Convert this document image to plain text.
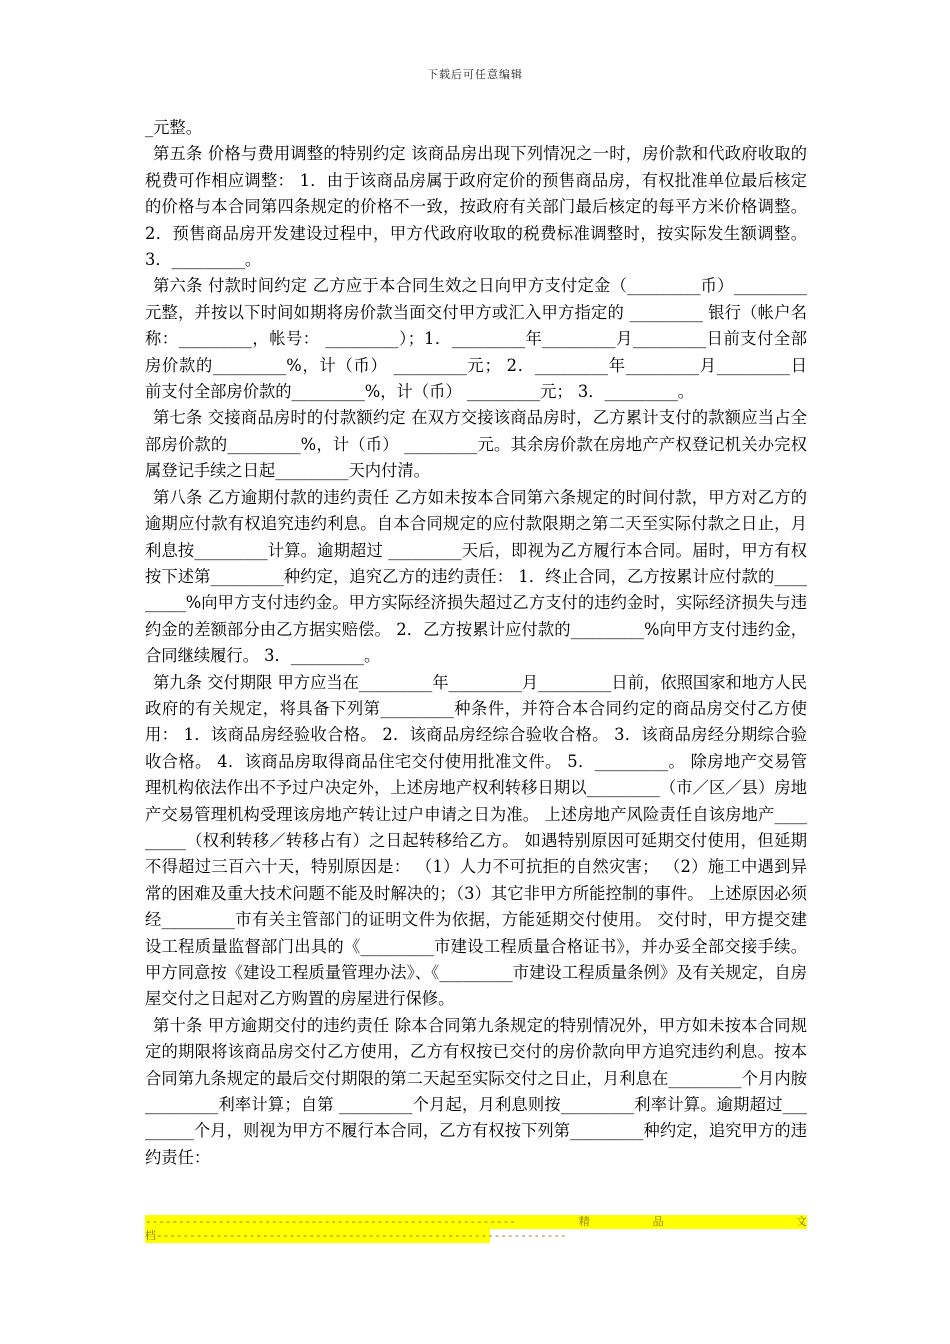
下载后可任意编辑

_元整。

第五条 价格与费用调整的特别约定 该商品房出现下列情况之一时，房价款和代政府收取的税费可作相应调整： 1．由于该商品房属于政府定价的预售商品房，有权批准单位最后核定的价格与本合同第四条规定的价格不一致，按政府有关部门最后核定的每平方米价格调整。 2．预售商品房开发建设过程中，甲方代政府收取的税费标准调整时，按实际发生额调整。 3．_________。

第六条 付款时间约定 乙方应于本合同生效之日向甲方支付定金（_________币）_________元整，并按以下时间如期将房价款当面交付甲方或汇入甲方指定的 _________ 银行（帐户名称：_________，帐号： _________）；1．_________年_________月_________日前支付全部房价款的_________%，计（币） _________元； 2．_________年_________月_________日前支付全部房价款的_________%，计（币） _________元； 3．_________。

第七条 交接商品房时的付款额约定 在双方交接该商品房时，乙方累计支付的款额应当占全部房价款的_________%，计（币） _________元。其余房价款在房地产产权登记机关办完权属登记手续之日起_________天内付清。

第八条 乙方逾期付款的违约责任 乙方如未按本合同第六条规定的时间付款，甲方对乙方的逾期应付款有权追究违约利息。自本合同规定的应付款限期之第二天至实际付款之日止，月利息按_________计算。逾期超过 _________天后，即视为乙方履行本合同。届时，甲方有权按下述第_________种约定，追究乙方的违约责任： 1．终止合同，乙方按累计应付款的_________%向甲方支付违约金。甲方实际经济损失超过乙方支付的违约金时，实际经济损失与违约金的差额部分由乙方据实赔偿。 2．乙方按累计应付款的_________%向甲方支付违约金，合同继续履行。 3．_________。

第九条 交付期限 甲方应当在_________年_________月_________日前，依照国家和地方人民政府的有关规定，将具备下列第_________种条件，并符合本合同约定的商品房交付乙方使用： 1．该商品房经验收合格。 2．该商品房经综合验收合格。 3．该商品房经分期综合验收合格。 4．该商品房取得商品住宅交付使用批准文件。 5．_________。 除房地产交易管理机构依法作出不予过户决定外，上述房地产权利转移日期以_________（市／区／县）房地产交易管理机构受理该房地产转让过户申请之日为准。 上述房地产风险责任自该房地产_________（权利转移／转移占有）之日起转移给乙方。 如遇特别原因可延期交付使用，但延期不得超过三百六十天，特别原因是： （1）人力不可抗拒的自然灾害； （2）施工中遇到异常的困难及重大技术问题不能及时解决的；（3）其它非甲方所能控制的事件。 上述原因必须经_________市有关主管部门的证明文件为依据，方能延期交付使用。 交付时，甲方提交建设工程质量监督部门出具的《_________市建设工程质量合格证书》，并办妥全部交接手续。甲方同意按《建设工程质量管理办法》、《_________市建设工程质量条例》及有关规定，自房屋交付之日起对乙方购置的房屋进行保修。

第十条 甲方逾期交付的违约责任 除本合同第九条规定的特别情况外，甲方如未按本合同规定的期限将该商品房交付乙方使用，乙方有权按已交付的房价款向甲方追究违约利息。按本合同第九条规定的最后交付期限的第二天起至实际交付之日止，月利息在_________个月内胺_________利率计算；自第 _________个月起，月利息则按_________利率计算。逾期超过_________个月，则视为甲方不履行本合同，乙方有权按下列第_________种约定，追究甲方的违约责任：

--------------------------------------------------------	精	品
	文
档--------------------------------------------------------------
